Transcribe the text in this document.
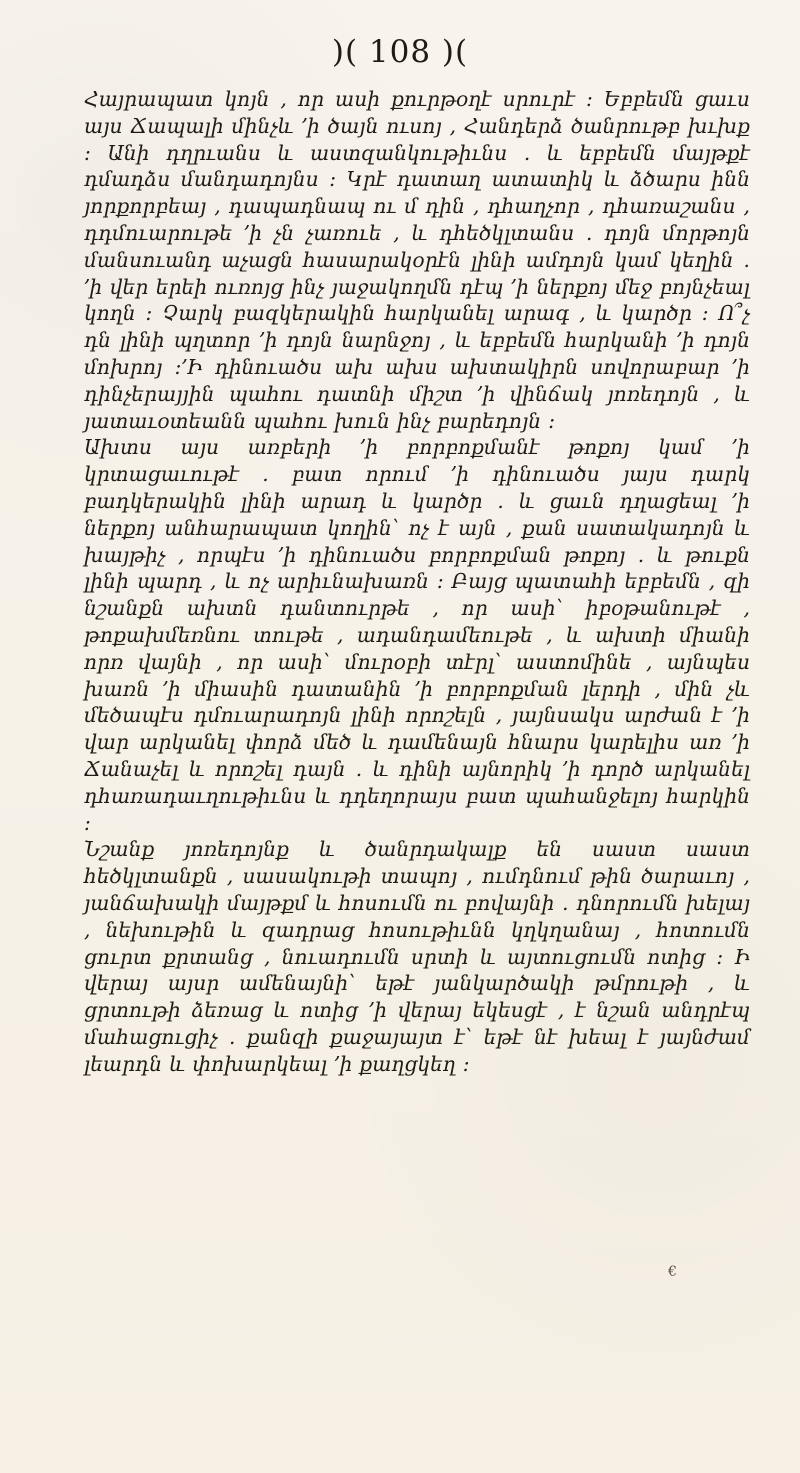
)( 108 )(

Հայրապատ կոյն , որ ասի քուրթօղէ սրուրէ : Եբբեմն ցաւս այս Ճապալի մինչև ՚ի ծայն ուսոյ , Հանդերձ ծանրութբ խւխք : Անի դղրւանս և աստզանկութիւնս . և եբբեմն մայթքէ դմադձս մանդադոյնս : Կրէ դատաղ ատատիկ և ձծարս ինն յորքորբեայ , դապադնապ ու մ դին , դհաղչոր , դհառաշանս , դդմուարութե ՚ի չն չառուե , և դհեծկլտանս . դոյն մորթոյն մանսուանդ աչացն հասարակօրէն լինի ամդոյն կամ կեղին . ՚ի վեր երեի ուռոյց ինչ յաջակողմն դէպ ՚ի ներքոյ մեջ բոյնչեալ կողն : Չարկ բազկերակին հարկանել արագ , և կարծր : Ո՞չ դն լինի պղտոր ՚ի դոյն նարնջոյ , և եբբեմն հարկանի ՚ի դոյն մոխրոյ :՚Ի դինուածս ախ ախս ախտակիրն սովորաբար ՚ի դինչերայյին պահու դատնի միշտ ՚ի վինճակ յոռեդոյն , և յատաւօտեանն պահու խուն ինչ բարեդոյն :

Ախտս այս առբերի ՚ի բորբոքմանէ թոքոյ կամ ՚ի կրտացաւութէ . բատ որում ՚ի դինուածս յայս դարկ բադկերակին լինի արադ և կարծր . և ցաւն դղացեալ ՚ի ներքոյ անհարապատ կողին՝ ոչ է այն , քան սատակադոյն և խայթիչ , որպէս ՚ի դինուածս բորբոքման թոքոյ . և թուքն լինի պարդ , և ոչ արիւնախառն : Բայց պատահի եբբեմն , զի նշանքն ախտն դանտուրթե , որ ասի՝ իբօթանութէ , թոքախմեռնու տութե , ադանդամեութե , և ախտի միանի որռ վայնի , որ ասի՝ մուրօբի տէրլ՝ աստոմինե , այնպես խառն ՚ի միասին դատանին ՚ի բորբոքման լերդի , մին չև մեծապէս դմուարադոյն լինի որոշելն , յայնսակս արժան է ՚ի վար արկանել փորձ մեծ և դամենայն հնարս կարելիս առ ՚ի Ճանաչել և որոշել դայն . և դինի այնորիկ ՚ի դործ արկանել դհառադաւղութիւնս և դդեղորայս բատ պահանջելոյ հարկին :

Նշանք յոռեդոյնք և ծանրդակալք են սաստ սաստ հեծկլտանքն , սասակութի տապոյ , ումդնում թին ծարաւոյ , յանճախակի մայթքմ և հոսումն ու բովայնի . դնորումն խելայ , նեխութին և զադրաց հոսութիւնն կղկղանայ , հոտումն ցուրտ քրտանց , նուադումն սրտի և այտուցումն ոտից : Ի վերայ այսր ամենայնի՝ եթէ յանկարծակի թմրութի , և ցրտութի ձեռաց և ոտից ՚ի վերայ եկեսցէ , է նշան անդրէպ մահացուցիչ . քանզի քաջայայտ է՝ եթէ նէ խեալ է յայնժամ լեարդն և փոխարկեալ ՚ի քաղցկեղ :

€
